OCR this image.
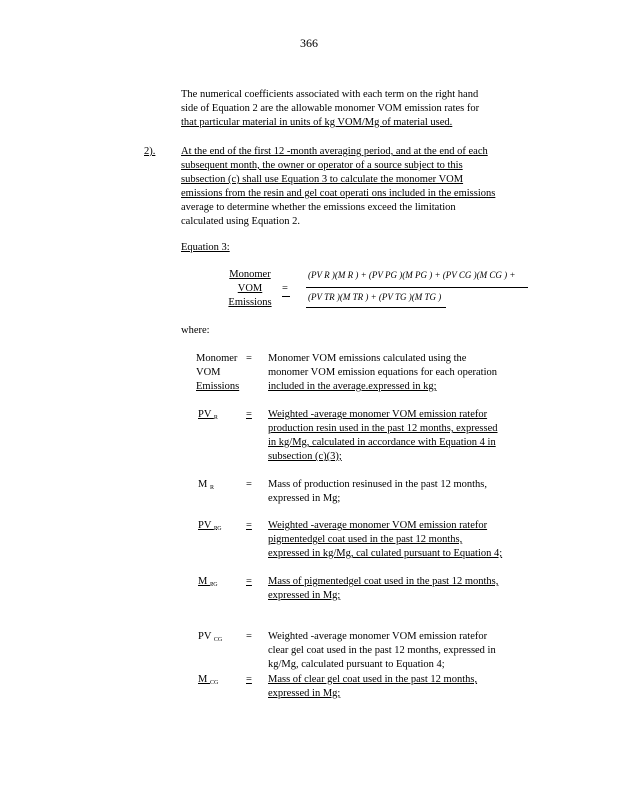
366
The numerical coefficients associated with each term on the right hand
side of Equation 2 are the allowable monomer VOM emission rates for
that particular material in units of kg VOM/Mg of material used.
2). At the end of the first 12 -month averaging period, and at the end of each
subsequent month, the owner or operator of a source subject to this
subsection (c) shall use Equation 3 to calculate the monomer VOM
emissions from the resin and gel coat operati ons included in the emissions
average to determine whether the emissions exceed the limitation
calculated using Equation 2.
Equation 3:
Monomer
VOM
Emissions
=
(PV R )(M R ) + (PV PG )(M PG ) + (PV CG )(M CG ) +
(PV TR )(M TR ) + (PV TG )(M TG )
where:
Monomer
VOM
Emissions
= Monomer VOM emissions calculated using the
monomer VOM emission equations for each operation
included in the average.expressed in kg;
PV $_R$	= Weighted -average monomer VOM emission ratefor
production resin used in the past 12 months, expressed
in kg/Mg, calculated in accordance with Equation 4 in
subsection (c)(3);
M $_R$	= Mass of production resinused in the past 12 months,
expressed in Mg;
PV $_{PG}$ = Weighted -average monomer VOM emission ratefor
pigmentedgel coat used in the past 12 months,
expressed in kg/Mg, cal culated pursuant to Equation 4;
M $_{PG}$	= Mass of pigmentedgel coat used in the past 12 months,
expressed in Mg;
PV $_{CG}$ = Weighted -average monomer VOM emission ratefor
clear gel coat used in the past 12 months, expressed in
kg/Mg, calculated pursuant to Equation 4;
M $_{CG}$	= Mass of clear gel coat used in the past 12 months,
expressed in Mg;
